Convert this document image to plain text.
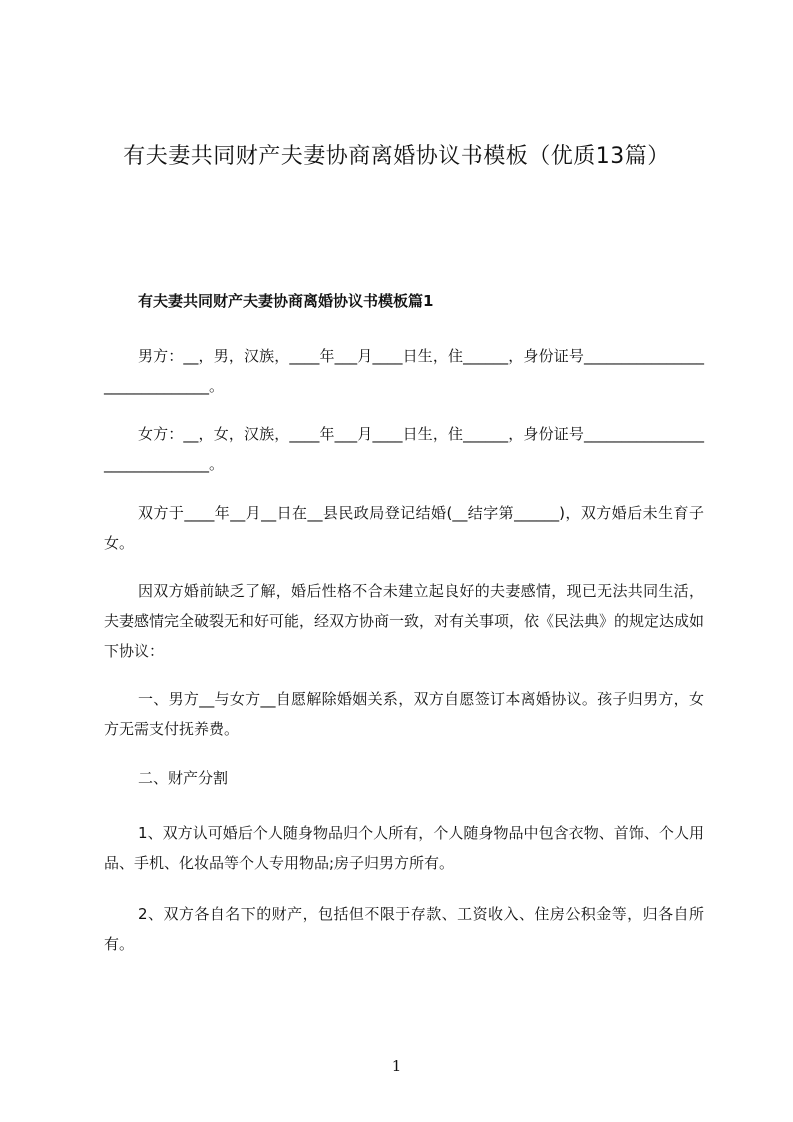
有夫妻共同财产夫妻协商离婚协议书模板（优质13篇）
有夫妻共同财产夫妻协商离婚协议书模板篇1
男方：__，男，汉族，____年___月____日生，住______，身份证号______________________________。
女方：__，女，汉族，____年___月____日生，住______，身份证号______________________________。
双方于____年__月__日在__县民政局登记结婚(__结字第______)，双方婚后未生育子女。
因双方婚前缺乏了解，婚后性格不合未建立起良好的夫妻感情，现已无法共同生活，夫妻感情完全破裂无和好可能，经双方协商一致，对有关事项，依《民法典》的规定达成如下协议：
一、男方__与女方__自愿解除婚姻关系，双方自愿签订本离婚协议。孩子归男方，女方无需支付抚养费。
二、财产分割
1、双方认可婚后个人随身物品归个人所有，个人随身物品中包含衣物、首饰、个人用品、手机、化妆品等个人专用物品;房子归男方所有。
2、双方各自名下的财产，包括但不限于存款、工资收入、住房公积金等，归各自所有。
1
